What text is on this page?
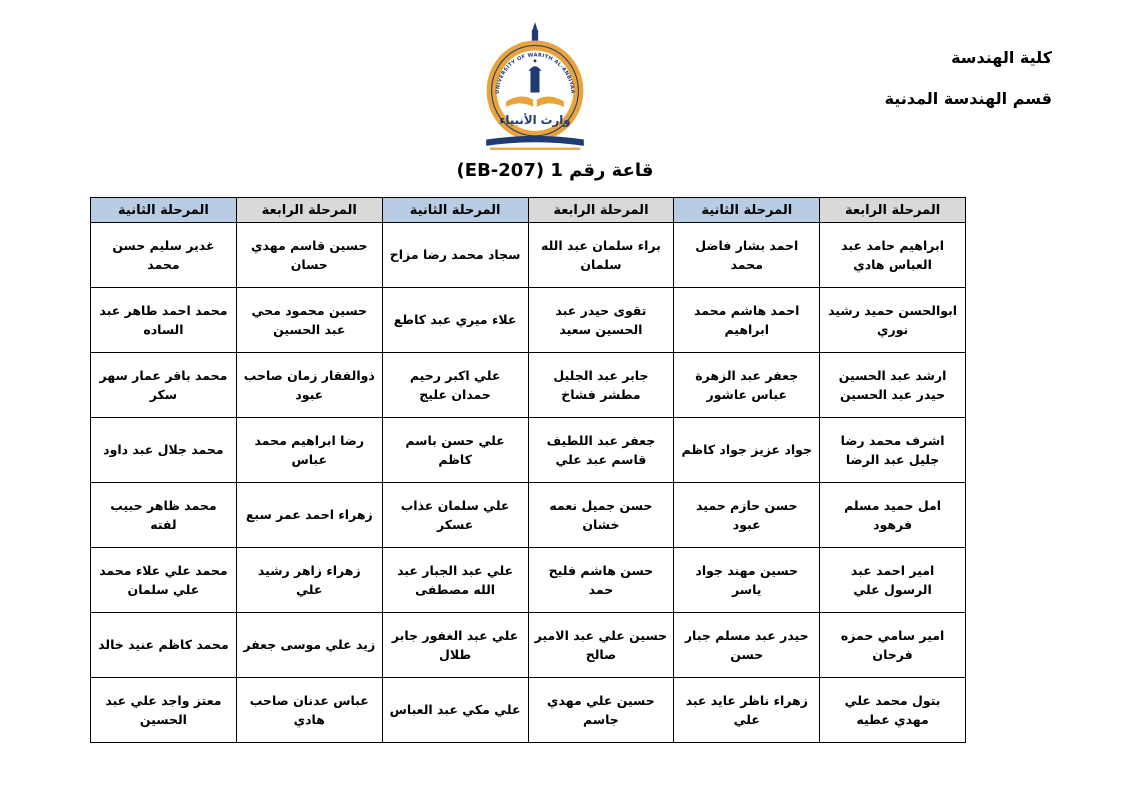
كلية الهندسة
قسم الهندسة المدنية
UNIVERSITY OF WARITH AL-ANBIYAA
وارث الأنبياء
قاعة رقم 1 (EB-207)
المرحلة الرابعة	المرحلة الثانية	المرحلة الرابعة	المرحلة الثانية	المرحلة الرابعة	المرحلة الثانية
ابراهيم حامد عبد العباس هادي	احمد بشار فاضل محمد	براء سلمان عبد الله سلمان	سجاد محمد رضا مزاح	حسين قاسم مهدي حسان	غدير سليم حسن محمد
ابوالحسن حميد رشيد نوري	احمد هاشم محمد ابراهيم	تقوى حيدر عبد الحسين سعيد	علاء ميري عبد كاطع	حسين محمود محي عبد الحسين	محمد احمد طاهر عبد الساده
ارشد عبد الحسين حيدر عبد الحسين	جعفر عبد الزهرة عباس عاشور	جابر عبد الجليل مطشر فشاخ	علي اكبر رحيم حمدان عليج	ذوالفقار زمان صاحب عبود	محمد باقر عمار سهر سكر
اشرف محمد رضا جليل عبد الرضا	جواد عزيز جواد كاظم	جعفر عبد اللطيف قاسم عبد علي	علي حسن باسم كاظم	رضا ابراهيم محمد عباس	محمد جلال عبد داود
امل حميد مسلم فرهود	حسن حازم حميد عبود	حسن جميل نعمه خشان	علي سلمان عذاب عسكر	زهراء احمد عمر سبع	محمد ظاهر حبيب لفته
امير احمد عبد الرسول علي	حسين مهند جواد ياسر	حسن هاشم فليح حمد	علي عبد الجبار عبد الله مصطفى	زهراء زاهر رشيد علي	محمد علي علاء محمد علي سلمان
امير سامي حمزه فرحان	حيدر عبد مسلم جبار حسن	حسين علي عبد الامير صالح	علي عبد الغفور جابر طلال	زيد علي موسى جعفر	محمد كاظم عنيد خالد
بتول محمد علي مهدي عطيه	زهراء ناظر عايد عبد علي	حسين علي مهدي جاسم	علي مكي عبد العباس	عباس عدنان صاحب هادي	معتز واجد علي عبد الحسين
